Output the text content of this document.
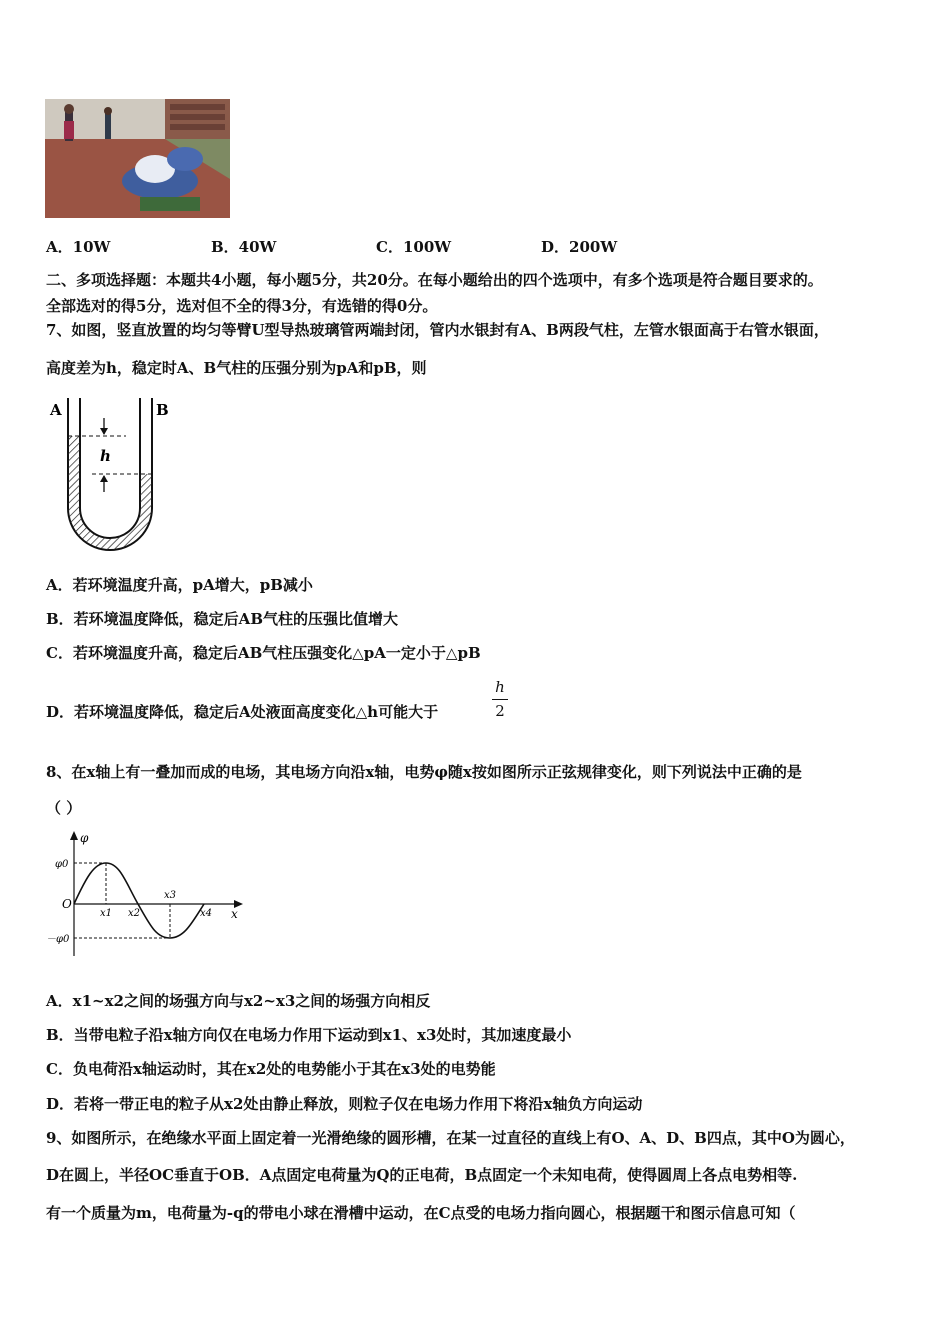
A．10W	B．40W	C．100W	D．200W
二、多项选择题：本题共4小题，每小题5分，共20分。在每小题给出的四个选项中，有多个选项是符合题目要求的。
全部选对的得5分，选对但不全的得3分，有选错的得0分。
7、如图，竖直放置的均匀等臂U型导热玻璃管两端封闭，管内水银封有A、B两段气柱，左管水银面高于右管水银面，
高度差为h，稳定时A、B气柱的压强分别为pA和pB，则
A	B
h
A．若环境温度升高，pA增大，pB减小
B．若环境温度降低，稳定后AB气柱的压强比值增大
C．若环境温度升高，稳定后AB气柱压强变化△pA一定小于△pB
D．若环境温度降低，稳定后A处液面高度变化△h可能大于
h
2
8、在x轴上有一叠加而成的电场，其电场方向沿x轴，电势φ随x按如图所示正弦规律变化，则下列说法中正确的是
（ ）
φ
x
O
φ0
－φ0
x1 x2
x3
x4
A．x1~x2之间的场强方向与x2~x3之间的场强方向相反
B．当带电粒子沿x轴方向仅在电场力作用下运动到x1、x3处时，其加速度最小
C．负电荷沿x轴运动时，其在x2处的电势能小于其在x3处的电势能
D．若将一带正电的粒子从x2处由静止释放，则粒子仅在电场力作用下将沿x轴负方向运动
9、如图所示，在绝缘水平面上固定着一光滑绝缘的圆形槽，在某一过直径的直线上有O、A、D、B四点，其中O为圆心，
D在圆上，半径OC垂直于OB．A点固定电荷量为Q的正电荷，B点固定一个未知电荷，使得圆周上各点电势相等.
有一个质量为m，电荷量为-q的带电小球在滑槽中运动，在C点受的电场力指向圆心，根据题干和图示信息可知（
